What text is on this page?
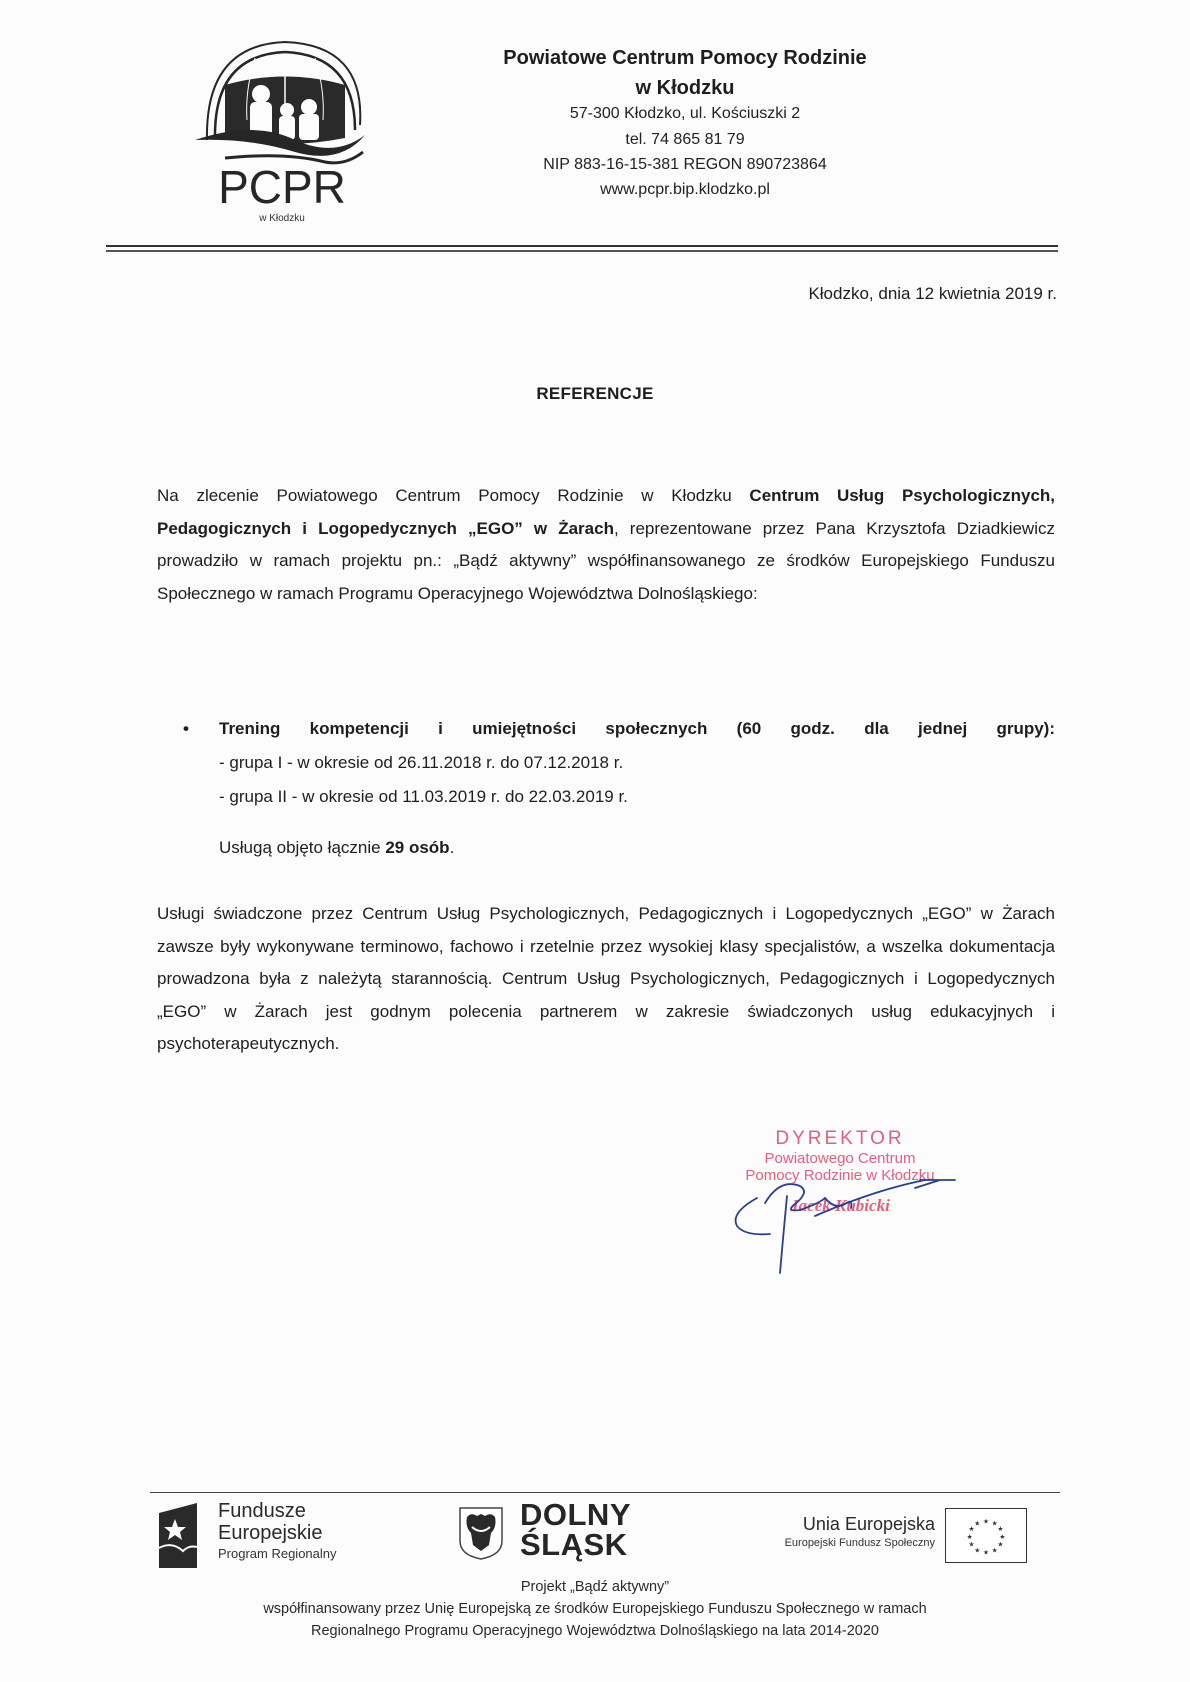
PCPR
w Kłodzku
Powiatowe Centrum Pomocy Rodzinie
w Kłodzku
57-300 Kłodzko, ul. Kościuszki 2
tel. 74 865 81 79
NIP 883-16-15-381 REGON 890723864
www.pcpr.bip.klodzko.pl
Kłodzko, dnia 12 kwietnia 2019 r.
REFERENCJE
Na zlecenie Powiatowego Centrum Pomocy Rodzinie w Kłodzku Centrum Usług Psychologicznych, Pedagogicznych i Logopedycznych „EGO” w Żarach, reprezentowane przez Pana Krzysztofa Dziadkiewicz prowadziło w ramach projektu pn.: „Bądź aktywny” współfinansowanego ze środków Europejskiego Funduszu Społecznego w ramach Programu Operacyjnego Województwa Dolnośląskiego:
•	Trening kompetencji i umiejętności społecznych (60 godz. dla jednej grupy):
- grupa I - w okresie od 26.11.2018 r. do 07.12.2018 r.
- grupa II - w okresie od 11.03.2019 r. do 22.03.2019 r.
Usługą objęto łącznie 29 osób.
Usługi świadczone przez Centrum Usług Psychologicznych, Pedagogicznych i Logopedycznych „EGO” w Żarach zawsze były wykonywane terminowo, fachowo i rzetelnie przez wysokiej klasy specjalistów, a wszelka dokumentacja prowadzona była z należytą starannością. Centrum Usług Psychologicznych, Pedagogicznych i Logopedycznych „EGO” w Żarach jest godnym polecenia partnerem w zakresie świadczonych usług edukacyjnych i psychoterapeutycznych.
DYREKTOR
Powiatowego Centrum
Pomocy Rodzinie w Kłodzku
Jacek Kubicki
Fundusze
Europejskie
Program Regionalny
DOLNY
ŚLĄSK
Unia Europejska
Europejski Fundusz Społeczny
★ ★
★
★
★
★
★
★
★
★
★
★
Projekt „Bądź aktywny”
współfinansowany przez Unię Europejską ze środków Europejskiego Funduszu Społecznego w ramach
Regionalnego Programu Operacyjnego Województwa Dolnośląskiego na lata 2014-2020
